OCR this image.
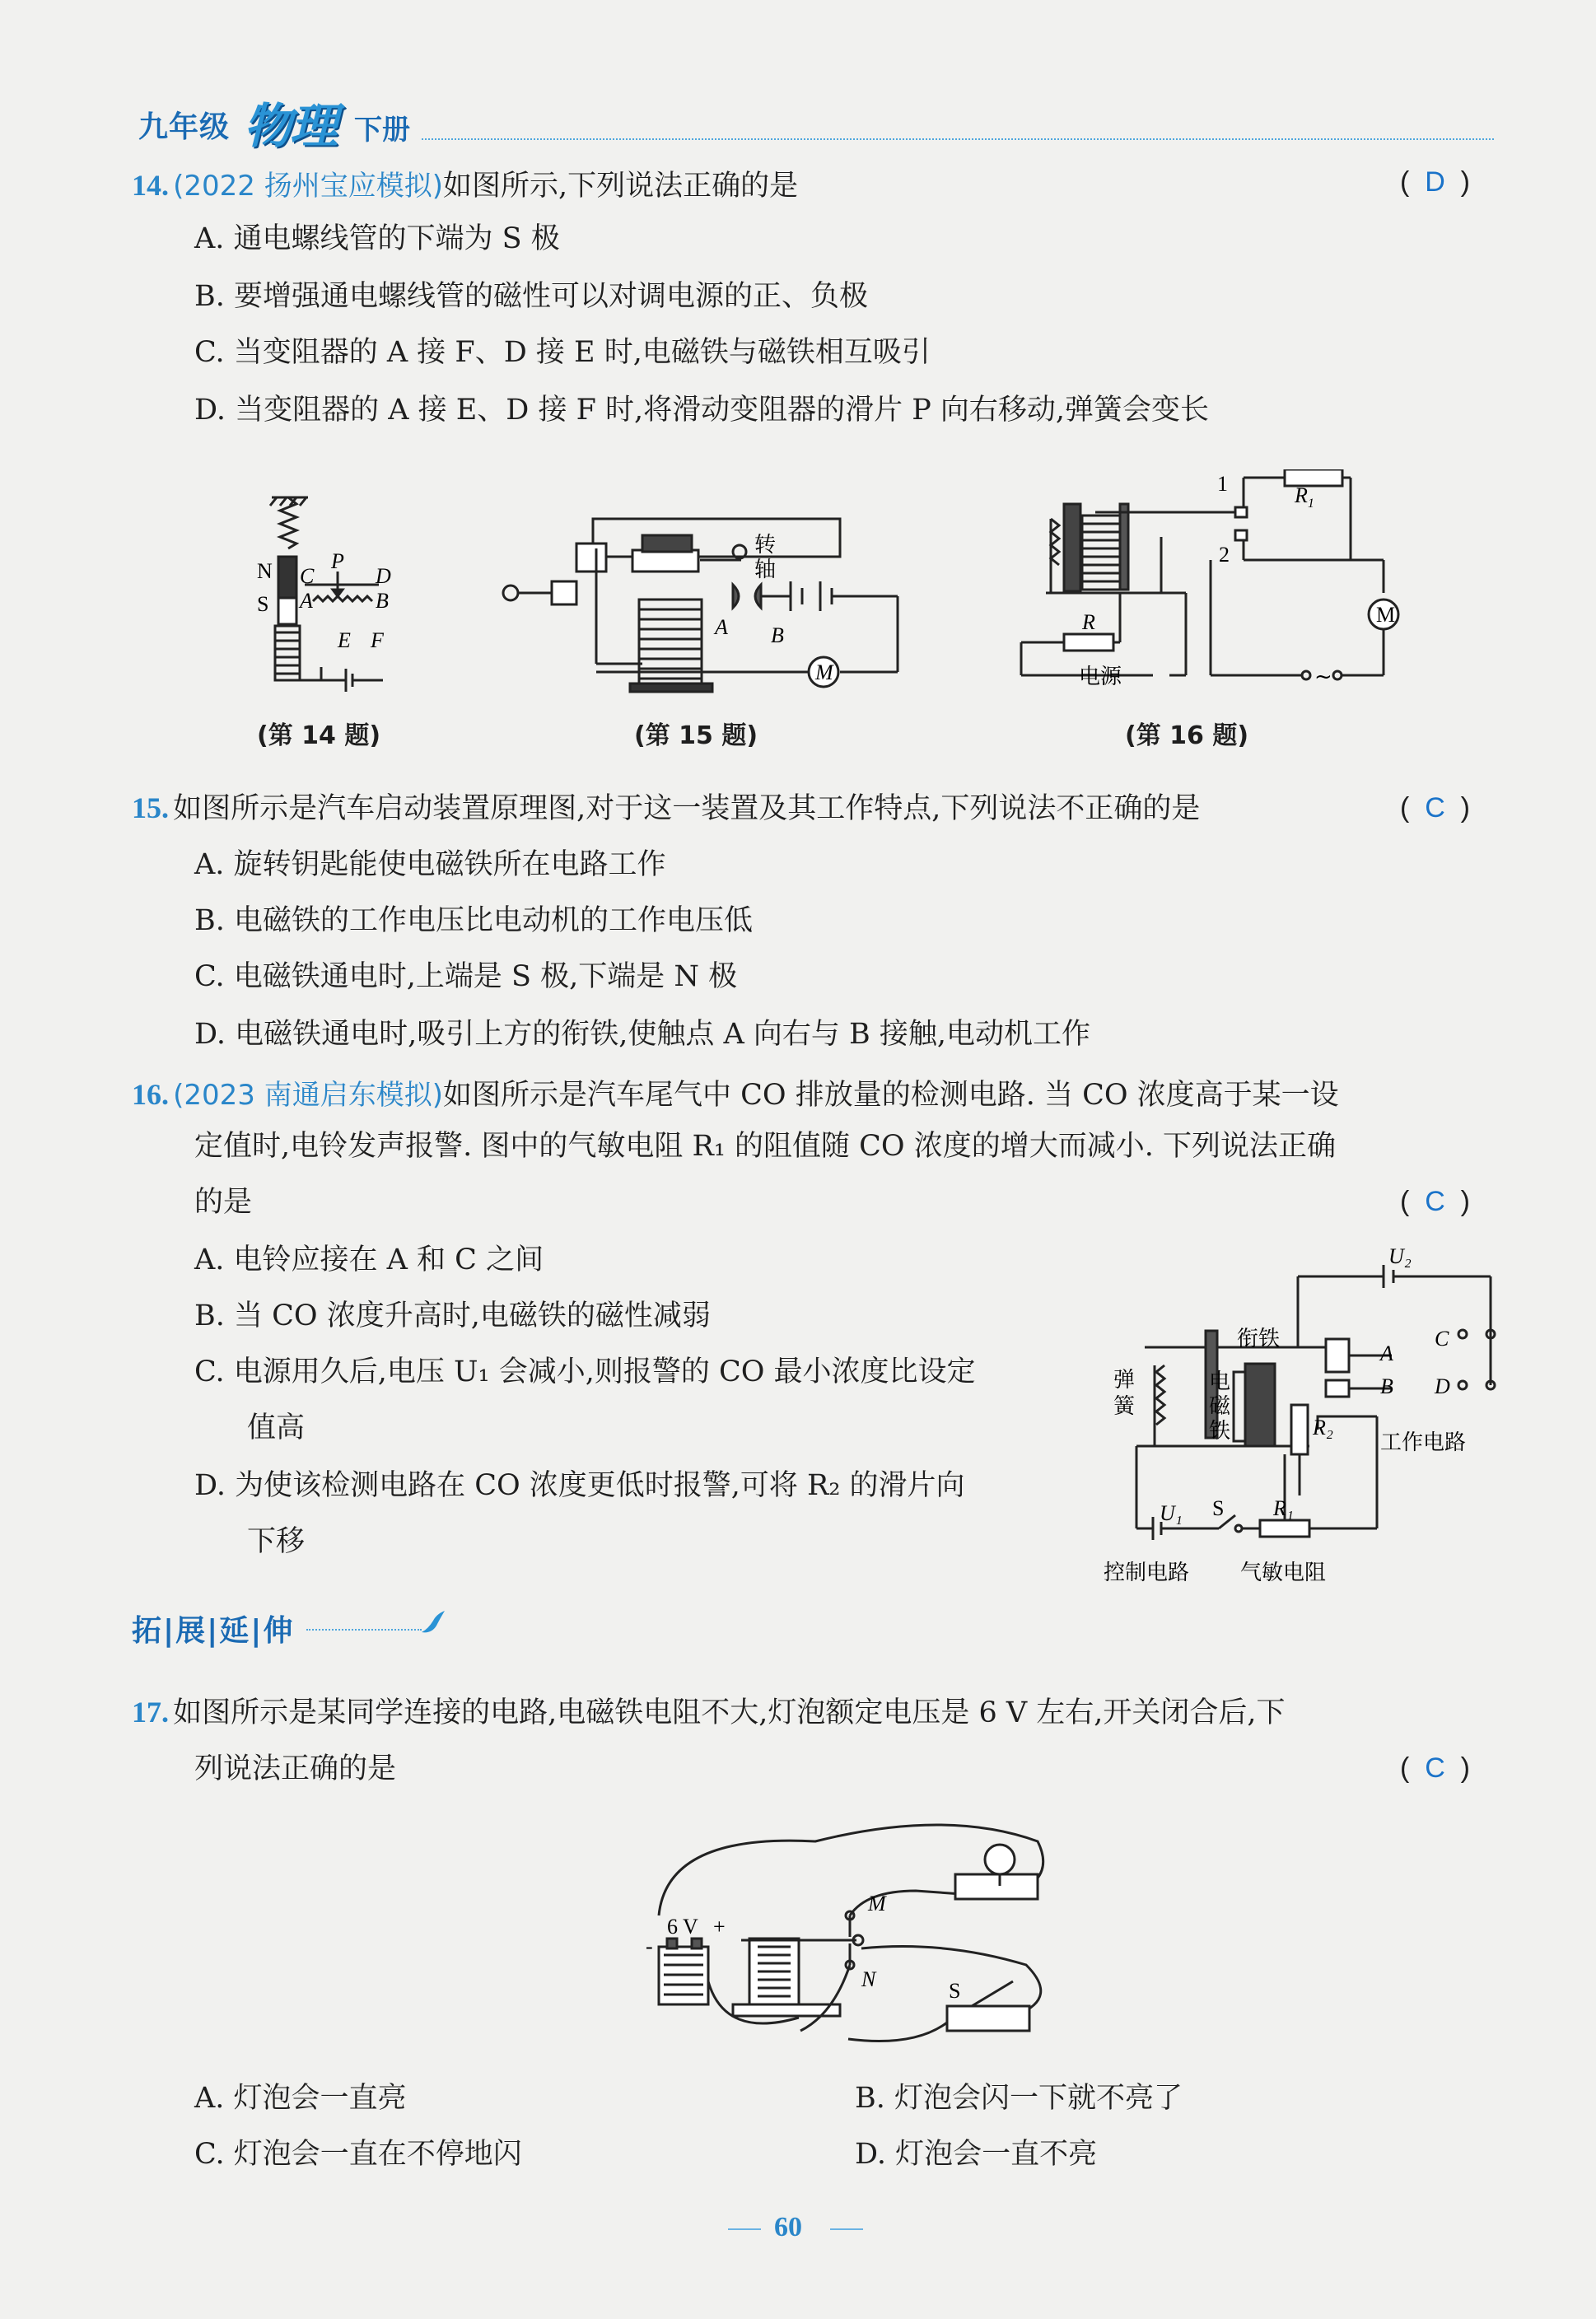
九年级 物理 下册
14. (2022 扬州宝应模拟)如图所示,下列说法正确的是	(  D  )
A. 通电螺线管的下端为 S 极
B. 要增强通电螺线管的磁性可以对调电源的正、负极
C. 当变阻器的 A 接 F、D 接 E 时,电磁铁与磁铁相互吸引
D. 当变阻器的 A 接 E、D 接 F 时,将滑动变阻器的滑片 P 向右移动,弹簧会变长
N
S
C
P
D
A	B
E F
(第 14 题)
转
轴
A B
M
(第 15 题)
1
2
$R_1$
R	M
电源	~
(第 16 题)
15. 如图所示是汽车启动装置原理图,对于这一装置及其工作特点,下列说法不正确的是	(  C  )
A. 旋转钥匙能使电磁铁所在电路工作
B. 电磁铁的工作电压比电动机的工作电压低
C. 电磁铁通电时,上端是 S 极,下端是 N 极
D. 电磁铁通电时,吸引上方的衔铁,使触点 A 向右与 B 接触,电动机工作
16. (2023 南通启东模拟)如图所示是汽车尾气中 CO 排放量的检测电路. 当 CO 浓度高于某一设
定值时,电铃发声报警. 图中的气敏电阻 R₁ 的阻值随 CO 浓度的增大而减小. 下列说法正确
的是	(  C  )
A. 电铃应接在 A 和 C 之间
B. 当 CO 浓度升高时,电磁铁的磁性减弱
C. 电源用久后,电压 U₁ 会减小,则报警的 CO 最小浓度比设定
值高
D. 为使该检测电路在 CO 浓度更低时报警,可将 R₂ 的滑片向
下移
U₂
衔铁
弹
簧
电
磁
铁	R₂
A
B
C
D
工作电路
U₁ S R₁
控制电路 气敏电阻
拓|展|延|伸
17. 如图所示是某同学连接的电路,电磁铁电阻不大,灯泡额定电压是 6 V 左右,开关闭合后,下
列说法正确的是	(  C  )
6 V +
-
M
N	S
A. 灯泡会一直亮	B. 灯泡会闪一下就不亮了
C. 灯泡会一直在不停地闪	D. 灯泡会一直不亮
60
